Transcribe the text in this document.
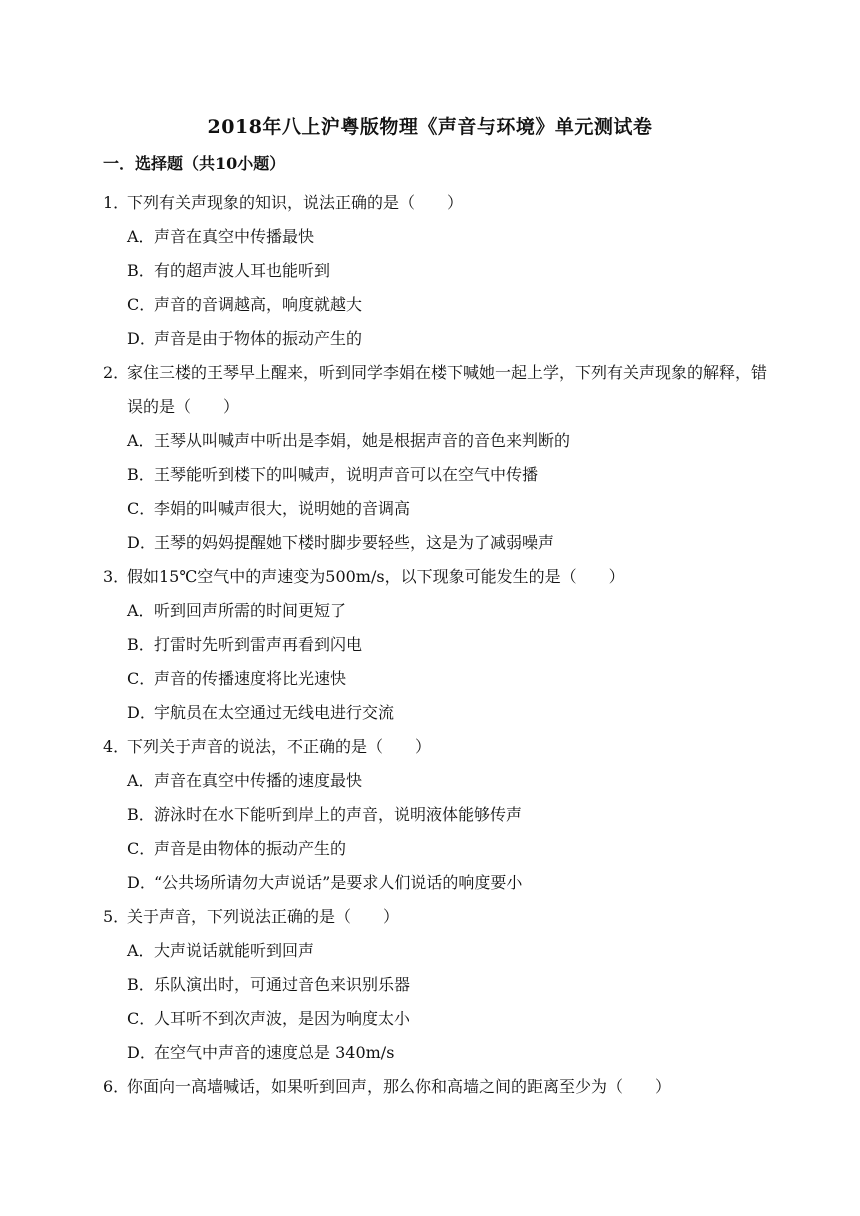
2018年八上沪粤版物理《声音与环境》单元测试卷
一．选择题（共10小题）
1．
下列有关声现象的知识，说法正确的是（　　）
A． 声音在真空中传播最快
B． 有的超声波人耳也能听到
C．
声音的音调越高，响度就越大
D．
声音是由于物体的振动产生的
2．
家住三楼的王琴早上醒来，听到同学李娟在楼下喊她一起上学，下列有关声现象的解释，错误的是（　　）
A． 王琴从叫喊声中听出是李娟，她是根据声音的音色来判断的
B． 王琴能听到楼下的叫喊声，说明声音可以在空气中传播
C．
李娟的叫喊声很大，说明她的音调高
D．
王琴的妈妈提醒她下楼时脚步要轻些，这是为了减弱噪声
3．
假如15℃空气中的声速变为500m/s，以下现象可能发生的是（　　）
A． 听到回声所需的时间更短了
B． 打雷时先听到雷声再看到闪电
C．
声音的传播速度将比光速快
D．
宇航员在太空通过无线电进行交流
4．
下列关于声音的说法，不正确的是（　　）
A． 声音在真空中传播的速度最快
B． 游泳时在水下能听到岸上的声音，说明液体能够传声
C．
声音是由物体的振动产生的
D．
“公共场所请勿大声说话”是要求人们说话的响度要小
5．
关于声音，下列说法正确的是（　　）
A． 大声说话就能听到回声
B． 乐队演出时，可通过音色来识别乐器
C．
人耳听不到次声波，是因为响度太小
D．
在空气中声音的速度总是 340m/s
6．
你面向一高墙喊话，如果听到回声，那么你和高墙之间的距离至少为（　　）
